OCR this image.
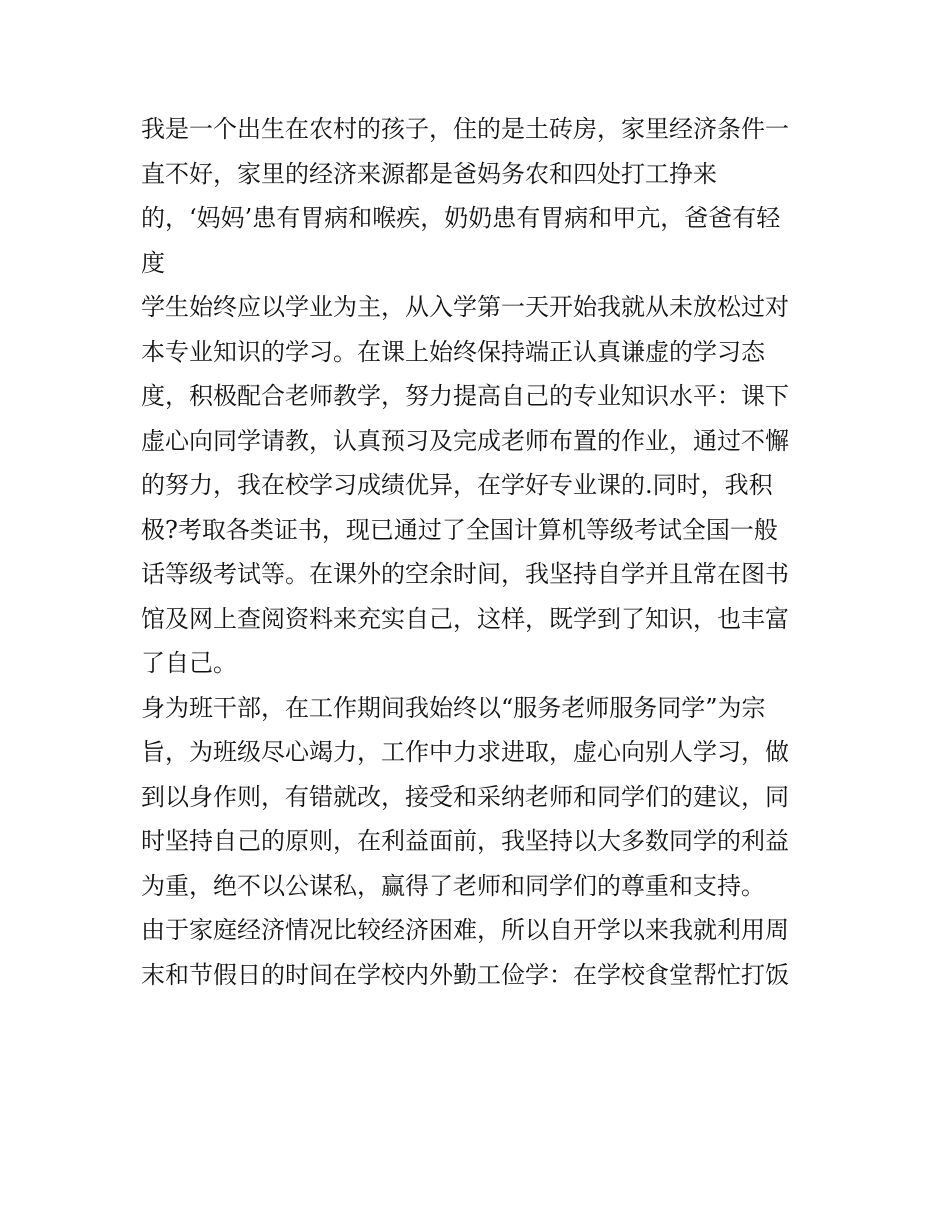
我是一个出生在农村的孩子，住的是土砖房，家里经济条件一
直不好，家里的经济来源都是爸妈务农和四处打工挣来
的，‘妈妈’患有胃病和喉疾，奶奶患有胃病和甲亢，爸爸有轻
度
学生始终应以学业为主，从入学第一天开始我就从未放松过对
本专业知识的学习。在课上始终保持端正认真谦虚的学习态
度，积极配合老师教学，努力提高自己的专业知识水平：课下
虚心向同学请教，认真预习及完成老师布置的作业，通过不懈
的努力，我在校学习成绩优异，在学好专业课的.同时，我积
极?考取各类证书，现已通过了全国计算机等级考试全国一般
话等级考试等。在课外的空余时间，我坚持自学并且常在图书
馆及网上查阅资料来充实自己，这样，既学到了知识，也丰富
了自己。
身为班干部，在工作期间我始终以“服务老师服务同学”为宗
旨，为班级尽心竭力，工作中力求进取，虚心向别人学习，做
到以身作则，有错就改，接受和采纳老师和同学们的建议，同
时坚持自己的原则，在利益面前，我坚持以大多数同学的利益
为重，绝不以公谋私，赢得了老师和同学们的尊重和支持。
由于家庭经济情况比较经济困难，所以自开学以来我就利用周
末和节假日的时间在学校内外勤工俭学：在学校食堂帮忙打饭
